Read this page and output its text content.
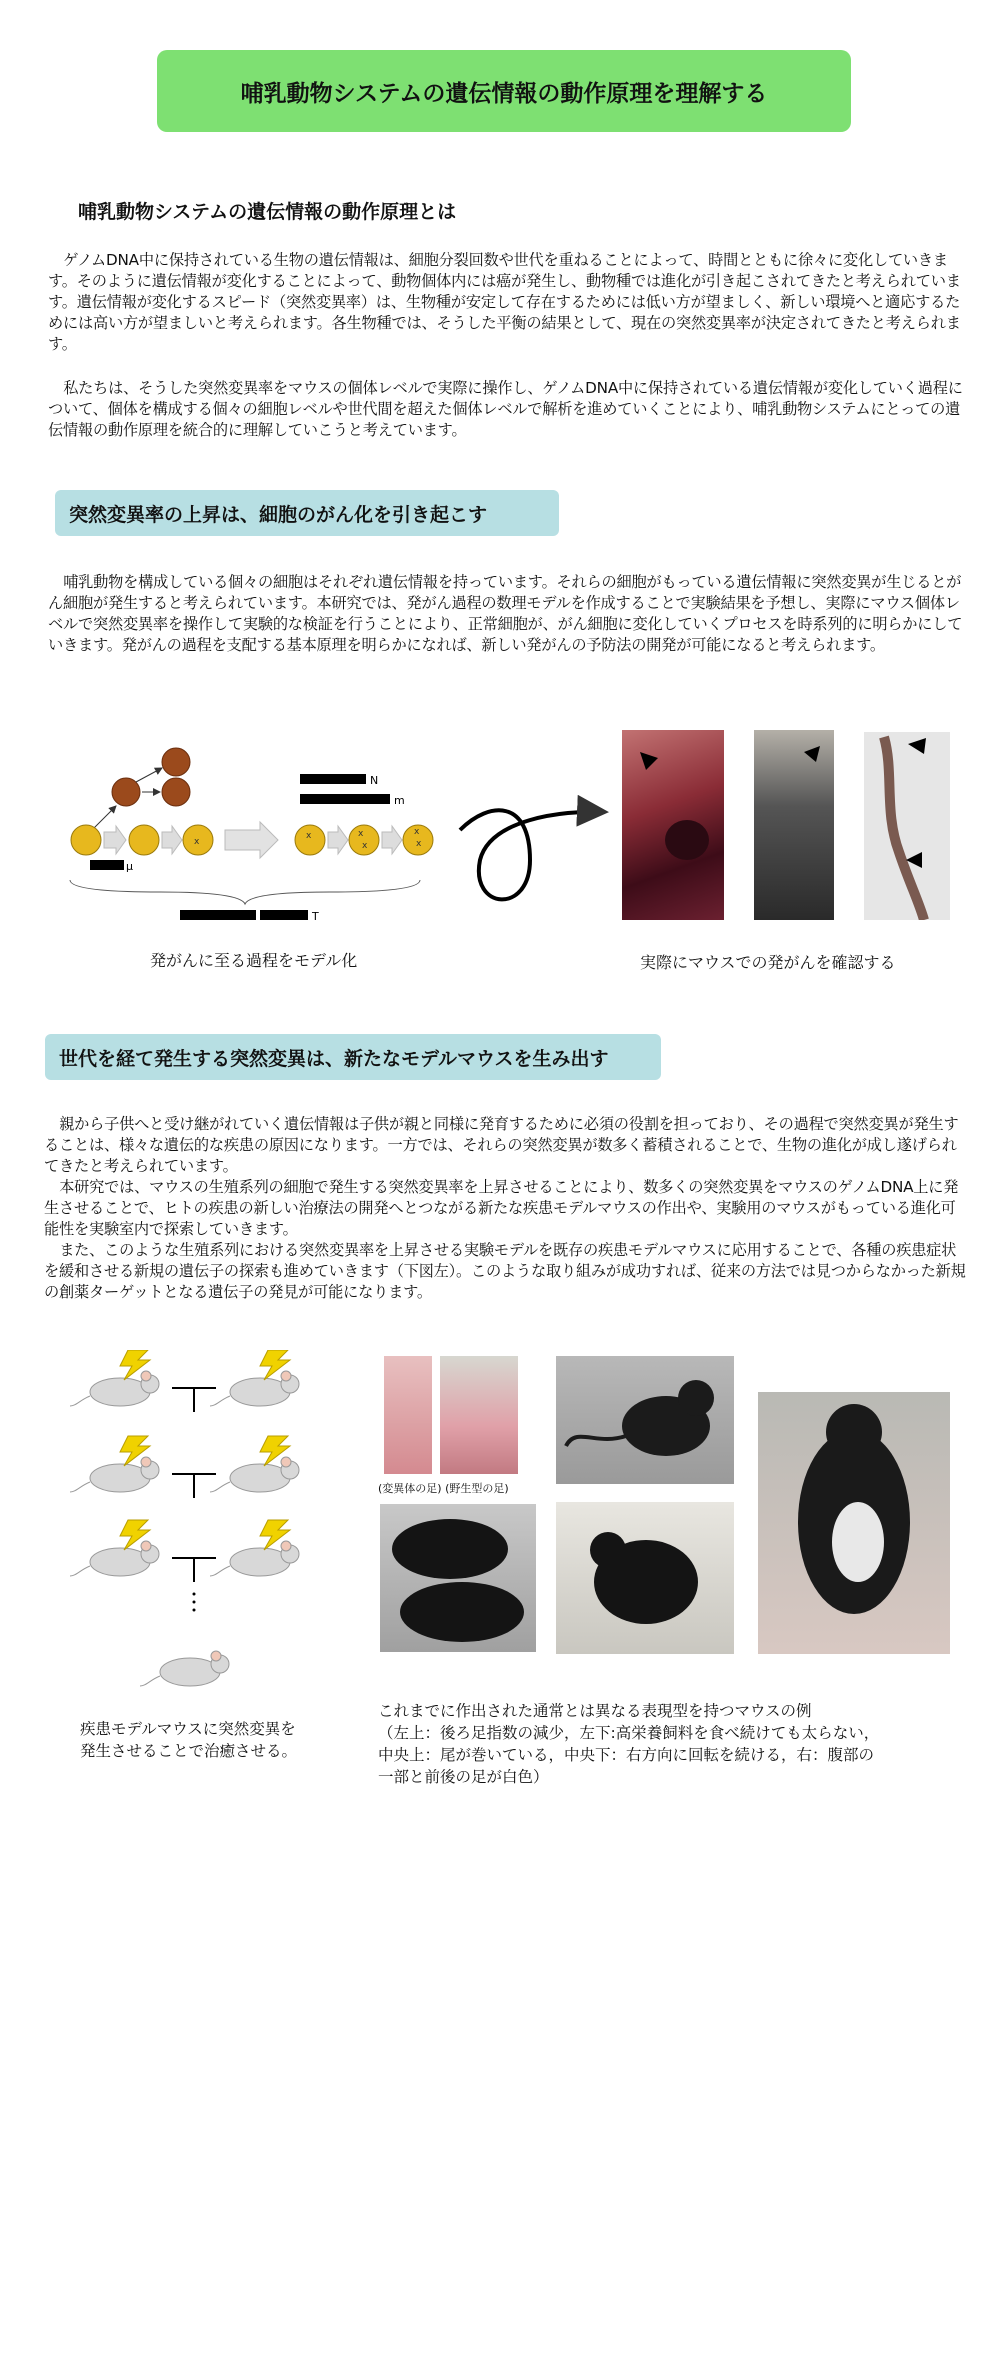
哺乳動物システムの遺伝情報の動作原理を理解する
哺乳動物システムの遺伝情報の動作原理とは

ゲノムDNA中に保持されている生物の遺伝情報は、細胞分裂回数や世代を重ねることによって、時間とともに徐々に変化していきます。そのように遺伝情報が変化することによって、動物個体内には癌が発生し、動物種では進化が引き起こされてきたと考えられています。遺伝情報が変化するスピード（突然変異率）は、生物種が安定して存在するためには低い方が望ましく、新しい環境へと適応するためには高い方が望ましいと考えられます。各生物種では、そうした平衡の結果として、現在の突然変異率が決定されてきたと考えられます。

私たちは、そうした突然変異率をマウスの個体レベルで実際に操作し、ゲノムDNA中に保持されている遺伝情報が変化していく過程について、個体を構成する個々の細胞レベルや世代間を超えた個体レベルで解析を進めていくことにより、哺乳動物システムにとっての遺伝情報の動作原理を統合的に理解していこうと考えています。

突然変異率の上昇は、細胞のがん化を引き起こす

哺乳動物を構成している個々の細胞はそれぞれ遺伝情報を持っています。それらの細胞がもっている遺伝情報に突然変異が生じるとがん細胞が発生すると考えられています。本研究では、発がん過程の数理モデルを作成することで実験結果を予想し、実際にマウス個体レベルで突然変異率を操作して実験的な検証を行うことにより、正常細胞が、がん細胞に変化していくプロセスを時系列的に明らかにしていきます。発がんの過程を支配する基本原理を明らかになれば、新しい発がんの予防法の開発が可能になると考えられます。

x
x	x
x
x
x
N
m
μ
T
発がんに至る過程をモデル化	実際にマウスでの発がんを確認する
世代を経て発生する突然変異は、新たなモデルマウスを生み出す

親から子供へと受け継がれていく遺伝情報は子供が親と同様に発育するために必須の役割を担っており、その過程で突然変異が発生することは、様々な遺伝的な疾患の原因になります。一方では、それらの突然変異が数多く蓄積されることで、生物の進化が成し遂げられてきたと考えられています。

本研究では、マウスの生殖系列の細胞で発生する突然変異率を上昇させることにより、数多くの突然変異をマウスのゲノムDNA上に発生させることで、ヒトの疾患の新しい治療法の開発へとつながる新たな疾患モデルマウスの作出や、実験用のマウスがもっている進化可能性を実験室内で探索していきます。

また、このような生殖系列における突然変異率を上昇させる実験モデルを既存の疾患モデルマウスに応用することで、各種の疾患症状を緩和させる新規の遺伝子の探索も進めていきます（下図左）。このような取り組みが成功すれば、従来の方法では見つからなかった新規の創薬ターゲットとなる遺伝子の発見が可能になります。

疾患モデルマウスに突然変異を
発生させることで治癒させる。
(変異体の足) (野生型の足)
これまでに作出された通常とは異なる表現型を持つマウスの例
（左上：後ろ足指数の減少，左下:高栄養飼料を食べ続けても太らない，
中央上：尾が巻いている，中央下：右方向に回転を続ける，右：腹部の
一部と前後の足が白色）
